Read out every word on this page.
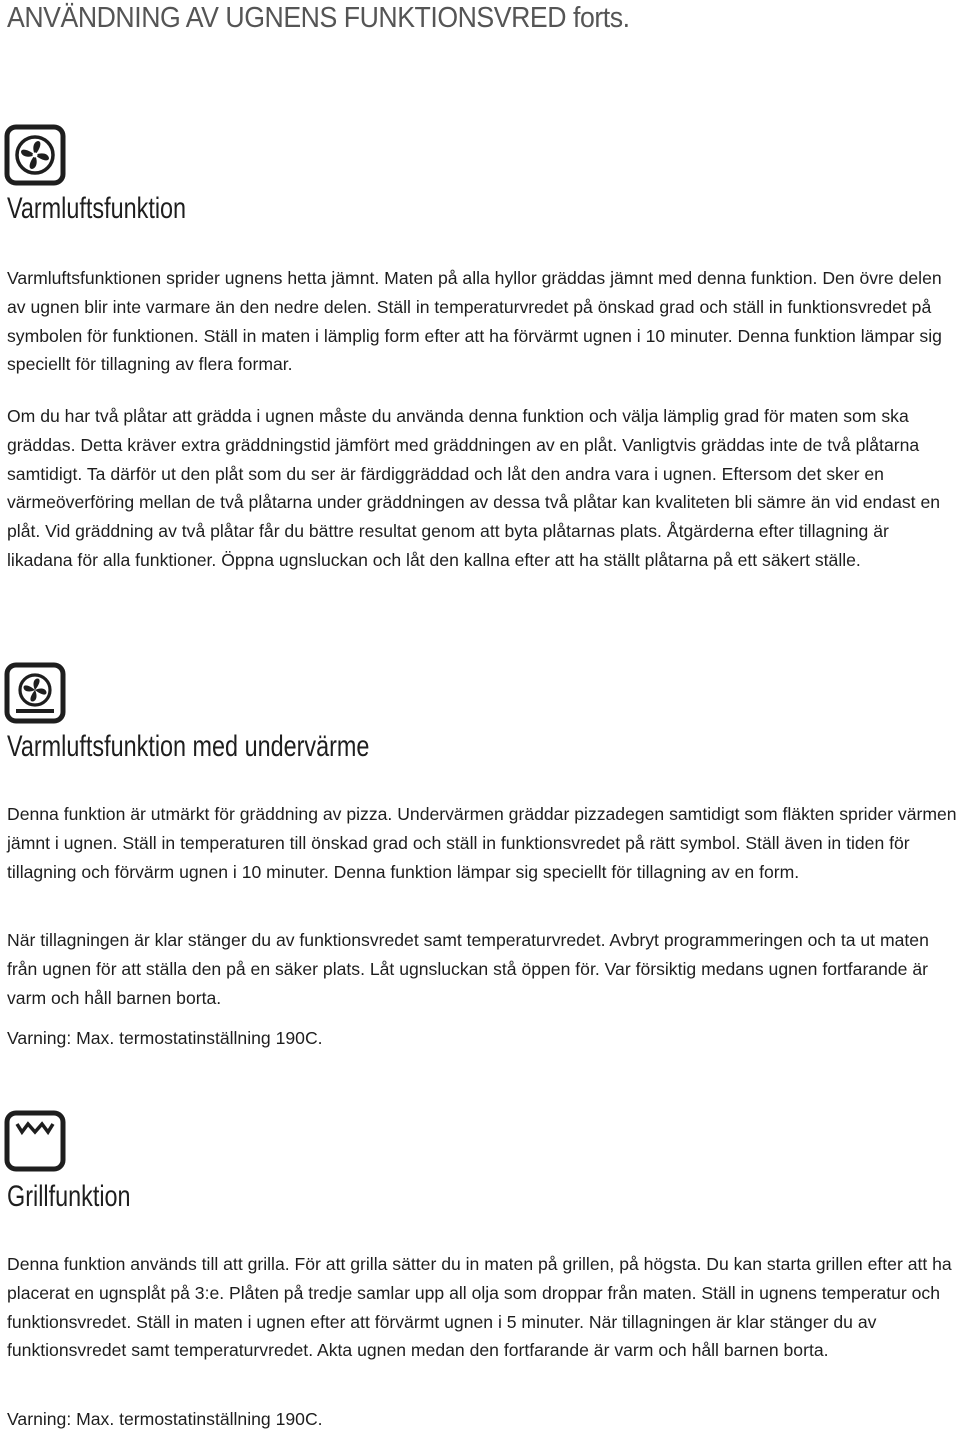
ANVÄNDNING AV UGNENS FUNKTIONSVRED forts.
Varmluftsfunktion

Varmluftsfunktionen sprider ugnens hetta jämnt. Maten på alla hyllor gräddas jämnt med denna funktion. Den övre delen av ugnen blir inte varmare än den nedre delen. Ställ in temperaturvredet på önskad grad och ställ in funktionsvredet på symbolen för funktionen. Ställ in maten i lämplig form efter att ha förvärmt ugnen i 10 minuter. Denna funktion lämpar sig speciellt för tillagning av flera formar.

Om du har två plåtar att grädda i ugnen måste du använda denna funktion och välja lämplig grad för maten som ska gräddas. Detta kräver extra gräddningstid jämfört med gräddningen av en plåt. Vanligtvis gräddas inte de två plåtarna samtidigt. Ta därför ut den plåt som du ser är färdiggräddad och låt den andra vara i ugnen. Eftersom det sker en värmeöverföring mellan de två plåtarna under gräddningen av dessa två plåtar kan kvaliteten bli sämre än vid endast en plåt. Vid gräddning av två plåtar får du bättre resultat genom att byta plåtarnas plats. Åtgärderna efter tillagning är likadana för alla funktioner. Öppna ugnsluckan och låt den kallna efter att ha ställt plåtarna på ett säkert ställe.

Varmluftsfunktion med undervärme

Denna funktion är utmärkt för gräddning av pizza. Undervärmen gräddar pizzadegen samtidigt som fläkten sprider värmen jämnt i ugnen. Ställ in temperaturen till önskad grad och ställ in funktionsvredet på rätt symbol. Ställ även in tiden för tillagning och förvärm ugnen i 10 minuter. Denna funktion lämpar sig speciellt för tillagning av en form.

När tillagningen är klar stänger du av funktionsvredet samt temperaturvredet. Avbryt programmeringen och ta ut maten från ugnen för att ställa den på en säker plats. Låt ugnsluckan stå öppen för. Var försiktig medans ugnen fortfarande är varm och håll barnen borta.

Varning: Max. termostatinställning 190C.

Grillfunktion

Denna funktion används till att grilla. För att grilla sätter du in maten på grillen, på högsta. Du kan starta grillen efter att ha placerat en ugnsplåt på 3:e. Plåten på tredje samlar upp all olja som droppar från maten. Ställ in ugnens temperatur och funktionsvredet. Ställ in maten i ugnen efter att förvärmt ugnen i 5 minuter. När tillagningen är klar stänger du av funktionsvredet samt temperaturvredet. Akta ugnen medan den fortfarande är varm och håll barnen borta.

Varning: Max. termostatinställning 190C.
